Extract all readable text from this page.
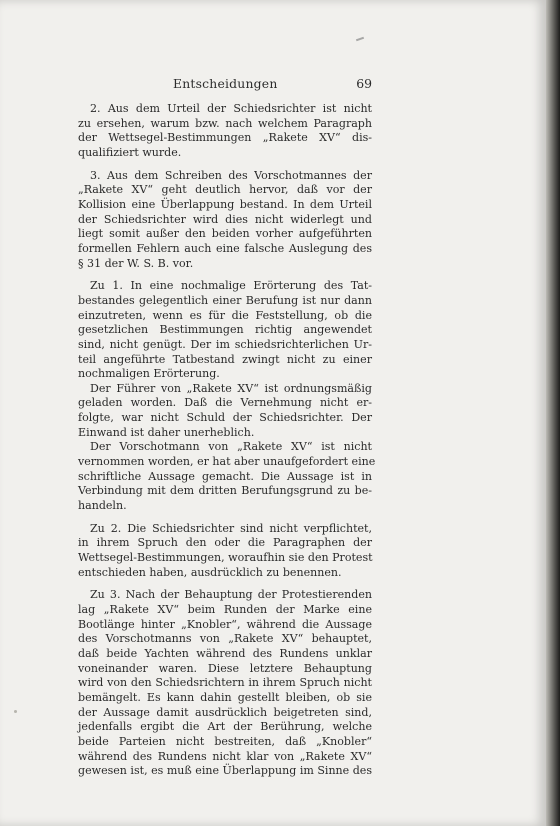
Entscheidungen	69
2. Aus dem Urteil der Schiedsrichter ist nicht
zu ersehen, warum bzw. nach welchem Paragraph
der Wettsegel-Bestimmungen „Rakete XV“ dis-
qualifiziert wurde.
3. Aus dem Schreiben des Vorschotmannes der
„Rakete XV“ geht deutlich hervor, daß vor der
Kollision eine Überlappung bestand. In dem Urteil
der Schiedsrichter wird dies nicht widerlegt und
liegt somit außer den beiden vorher aufgeführten
formellen Fehlern auch eine falsche Auslegung des
§ 31 der W. S. B. vor.
Zu 1. In eine nochmalige Erörterung des Tat-
bestandes gelegentlich einer Berufung ist nur dann
einzutreten, wenn es für die Feststellung, ob die
gesetzlichen Bestimmungen richtig angewendet
sind, nicht genügt. Der im schiedsrichterlichen Ur-
teil angeführte Tatbestand zwingt nicht zu einer
nochmaligen Erörterung.
Der Führer von „Rakete XV“ ist ordnungsmäßig
geladen worden. Daß die Vernehmung nicht er-
folgte, war nicht Schuld der Schiedsrichter. Der
Einwand ist daher unerheblich.
Der Vorschotmann von „Rakete XV“ ist nicht
vernommen worden, er hat aber unaufgefordert eine
schriftliche Aussage gemacht. Die Aussage ist in
Verbindung mit dem dritten Berufungsgrund zu be-
handeln.
Zu 2. Die Schiedsrichter sind nicht verpflichtet,
in ihrem Spruch den oder die Paragraphen der
Wettsegel-Bestimmungen, woraufhin sie den Protest
entschieden haben, ausdrücklich zu benennen.
Zu 3. Nach der Behauptung der Protestierenden
lag „Rakete XV“ beim Runden der Marke eine
Bootlänge hinter „Knobler“, während die Aussage
des Vorschotmanns von „Rakete XV“ behauptet,
daß beide Yachten während des Rundens unklar
voneinander waren. Diese letztere Behauptung
wird von den Schiedsrichtern in ihrem Spruch nicht
bemängelt. Es kann dahin gestellt bleiben, ob sie
der Aussage damit ausdrücklich beigetreten sind,
jedenfalls ergibt die Art der Berührung, welche
beide Parteien nicht bestreiten, daß „Knobler“
während des Rundens nicht klar von „Rakete XV“
gewesen ist, es muß eine Überlappung im Sinne des
